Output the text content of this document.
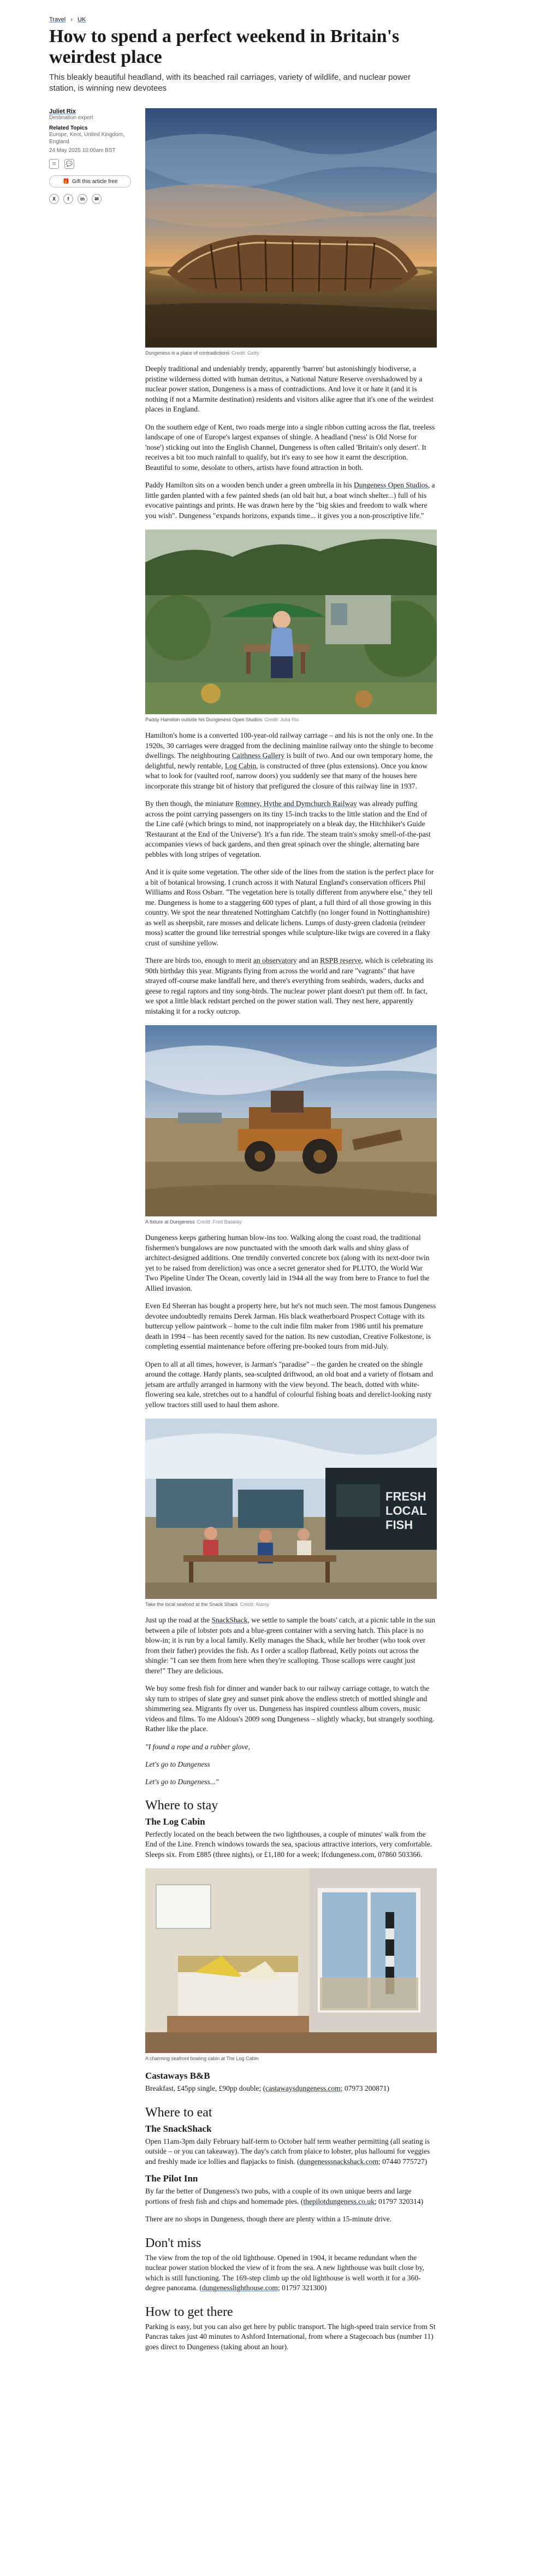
Travel › UK
How to spend a perfect weekend in Britain's weirdest place
This bleakly beautiful headland, with its beached rail carriages, variety of wildlife, and nuclear power station, is winning new devotees
Juliet Rix
Destination expert
Related Topics
Europe, Kent, United Kingdom, England
24 May 2025 10:00am BST
⌑	💬
🎁 Gift this article free
X	f	in	✉
Dungeness is a place of contradictions Credit: Getty

Deeply traditional and undeniably trendy, apparently 'barren' but astonishingly biodiverse, a pristine wilderness dotted with human detritus, a National Nature Reserve overshadowed by a nuclear power station, Dungeness is a mass of contradictions. And love it or hate it (and it is nothing if not a Marmite destination) residents and visitors alike agree that it's one of the weirdest places in England.

On the southern edge of Kent, two roads merge into a single ribbon cutting across the flat, treeless landscape of one of Europe's largest expanses of shingle. A headland ('ness' is Old Norse for 'nose') sticking out into the English Channel, Dungeness is often called 'Britain's only desert'. It receives a bit too much rainfall to qualify, but it's easy to see how it earnt the description. Beautiful to some, desolate to others, artists have found attraction in both.

Paddy Hamilton sits on a wooden bench under a green umbrella in his Dungeness Open Studios, a little garden planted with a few painted sheds (an old bait hut, a boat winch shelter...) full of his evocative paintings and prints. He was drawn here by the "big skies and freedom to walk where you wish". Dungeness "expands horizons, expands time... it gives you a non-proscriptive life."

Paddy Hamilton outside his Dungeness Open Studios Credit: Julia Rix

Hamilton's home is a converted 100-year-old railway carriage – and his is not the only one. In the 1920s, 30 carriages were dragged from the declining mainline railway onto the shingle to become dwellings. The neighbouring Caithness Gallery is built of two. And our own temporary home, the delightful, newly rentable, Log Cabin, is constructed of three (plus extensions). Once you know what to look for (vaulted roof, narrow doors) you suddenly see that many of the houses here incorporate this strange bit of history that prefigured the closure of this railway line in 1937.

By then though, the miniature Romney, Hythe and Dymchurch Railway was already puffing across the point carrying passengers on its tiny 15-inch tracks to the little station and the End of the Line café (which brings to mind, not inappropriately on a bleak day, the Hitchhiker's Guide 'Restaurant at the End of the Universe'). It's a fun ride. The steam train's smoky smell-of-the-past accompanies views of back gardens, and then great spinach over the shingle, alternating bare pebbles with long stripes of vegetation.

And it is quite some vegetation. The other side of the lines from the station is the perfect place for a bit of botanical browsing. I crunch across it with Natural England's conservation officers Phil Williams and Ross Osbarr. "The vegetation here is totally different from anywhere else," they tell me. Dungeness is home to a staggering 600 types of plant, a full third of all those growing in this country. We spot the near threatened Nottingham Catchfly (no longer found in Nottinghamshire) as well as sheepsbit, rare mosses and delicate lichens. Lumps of dusty-green cladonia (reindeer moss) scatter the ground like terrestrial sponges while sculpture-like twigs are covered in a flaky crust of sunshine yellow.

There are birds too, enough to merit an observatory and an RSPB reserve, which is celebrating its 90th birthday this year. Migrants flying from across the world and rare "vagrants" that have strayed off-course make landfall here, and there's everything from seabirds, waders, ducks and geese to regal raptors and tiny song-birds. The nuclear power plant doesn't put them off. In fact, we spot a little black redstart perched on the power station wall. They nest here, apparently mistaking it for a rocky outcrop.

A fixture at Dungeness Credit: Fred Basalay

Dungeness keeps gathering human blow-ins too. Walking along the coast road, the traditional fishermen's bungalows are now punctuated with the smooth dark walls and shiny glass of architect-designed additions. One trendily converted concrete box (along with its next-door twin yet to be raised from dereliction) was once a secret generator shed for PLUTO, the World War Two Pipeline Under The Ocean, covertly laid in 1944 all the way from here to France to fuel the Allied invasion.

Even Ed Sheeran has bought a property here, but he's not much seen. The most famous Dungeness devotee undoubtedly remains Derek Jarman. His black weatherboard Prospect Cottage with its buttercup yellow paintwork – home to the cult indie film maker from 1986 until his premature death in 1994 – has been recently saved for the nation. Its new custodian, Creative Folkestone, is completing essential maintenance before offering pre-booked tours from mid-July.

Open to all at all times, however, is Jarman's "paradise" – the garden he created on the shingle around the cottage. Hardy plants, sea-sculpted driftwood, an old boat and a variety of flotsam and jetsam are artfully arranged in harmony with the view beyond. The beach, dotted with white-flowering sea kale, stretches out to a handful of colourful fishing boats and derelict-looking rusty yellow tractors still used to haul them ashore.

FRESH
LOCAL
FISH
Take the local seafood at the Snack Shack Credit: Alamy

Just up the road at the SnackShack, we settle to sample the boats' catch, at a picnic table in the sun between a pile of lobster pots and a blue-green container with a serving hatch. This place is no blow-in; it is run by a local family. Kelly manages the Shack, while her brother (who took over from their father) provides the fish. As I order a scallop flatbread, Kelly points out across the shingle: "I can see them from here when they're scalloping. Those scallops were caught just there!" They are delicious.

We buy some fresh fish for dinner and wander back to our railway carriage cottage, to watch the sky turn to stripes of slate grey and sunset pink above the endless stretch of mottled shingle and shimmering sea. Migrants fly over us. Dungeness has inspired countless album covers, music videos and films. To me Aldous's 2009 song Dungeness – slightly whacky, but strangely soothing. Rather like the place.

"I found a rope and a rubber glove,

Let's go to Dungeness

Let's go to Dungeness..."

Where to stay
The Log Cabin

Perfectly located on the beach between the two lighthouses, a couple of minutes' walk from the End of the Line. French windows towards the sea, spacious attractive interiors, very comfortable. Sleeps six. From £885 (three nights), or £1,180 for a week; lfcdungeness.com, 07860 503366.

A charming seafront boating cabin at The Log Cabin
Castaways B&B

Breakfast, £45pp single, £90pp double; (castawaysdungeness.com; 07973 200871)

Where to eat
The SnackShack

Open 11am-3pm daily February half-term to October half term weather permitting (all seating is outside – or you can takeaway). The day's catch from plaice to lobster, plus halloumi for veggies and freshly made ice lollies and flapjacks to finish. (dungenesssnackshack.com; 07440 775727)

The Pilot Inn

By far the better of Dungeness's two pubs, with a couple of its own unique beers and large portions of fresh fish and chips and homemade pies. (thepilotdungeness.co.uk; 01797 320314)

There are no shops in Dungeness, though there are plenty within a 15-minute drive.

Don't miss

The view from the top of the old lighthouse. Opened in 1904, it became redundant when the nuclear power station blocked the view of it from the sea. A new lighthouse was built close by, which is still functioning. The 169-step climb up the old lighthouse is well worth it for a 360-degree panorama. (dungenesslighthouse.com; 01797 321300)

How to get there

Parking is easy, but you can also get here by public transport. The high-speed train service from St Pancras takes just 40 minutes to Ashford International, from where a Stagecoach bus (number 11) goes direct to Dungeness (taking about an hour).
